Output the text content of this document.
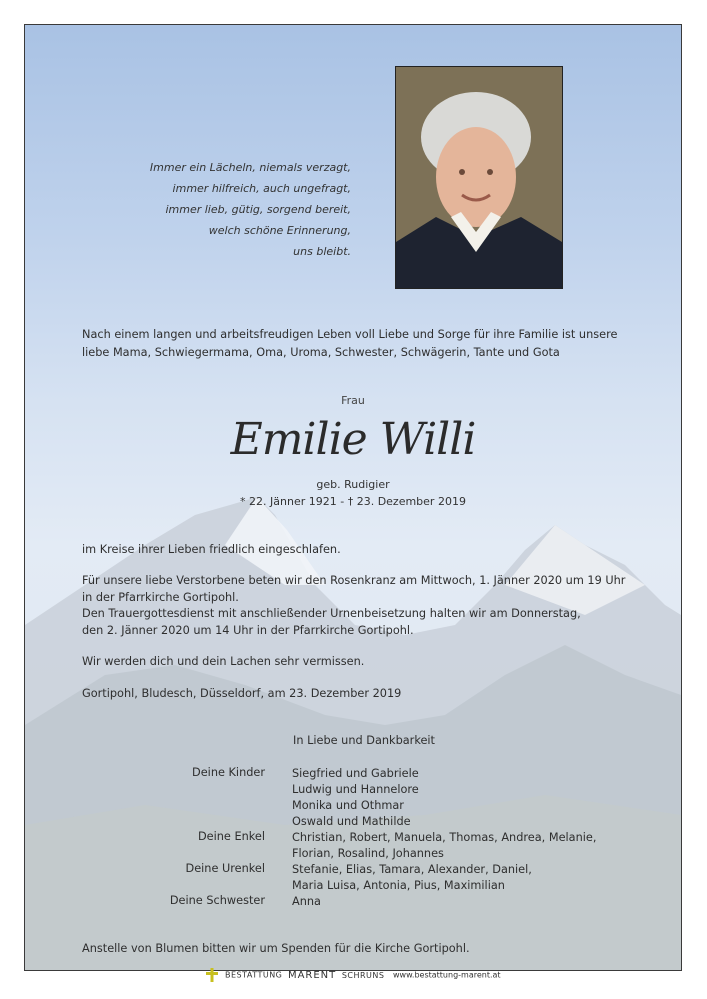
Immer ein Lächeln, niemals verzagt,
immer hilfreich, auch ungefragt,
immer lieb, gütig, sorgend bereit,
welch schöne Erinnerung,
uns bleibt.
Nach einem langen und arbeitsfreudigen Leben voll Liebe und Sorge für ihre Familie ist unsere
liebe Mama, Schwiegermama, Oma, Uroma, Schwester, Schwägerin, Tante und Gota
Frau
Emilie Willi
geb. Rudigier
* 22. Jänner 1921 - † 23. Dezember 2019
im Kreise ihrer Lieben friedlich eingeschlafen.
Für unsere liebe Verstorbene beten wir den Rosenkranz am Mittwoch, 1. Jänner 2020 um 19 Uhr
in der Pfarrkirche Gortipohl.
Den Trauergottesdienst mit anschließender Urnenbeisetzung halten wir am Donnerstag,
den 2. Jänner 2020 um 14 Uhr in der Pfarrkirche Gortipohl.
Wir werden dich und dein Lachen sehr vermissen.
Gortipohl, Bludesch, Düsseldorf, am 23. Dezember 2019
In Liebe und Dankbarkeit
Deine Kinder Siegfried und Gabriele
Ludwig und Hannelore
Monika und Othmar
Oswald und Mathilde
Deine Enkel Christian, Robert, Manuela, Thomas, Andrea, Melanie,
Florian, Rosalind, Johannes
Deine Urenkel Stefanie, Elias, Tamara, Alexander, Daniel,
Maria Luisa, Antonia, Pius, Maximilian
Deine Schwester Anna
Anstelle von Blumen bitten wir um Spenden für die Kirche Gortipohl.
BESTATTUNG MARENT SCHRUNS www.bestattung-marent.at
